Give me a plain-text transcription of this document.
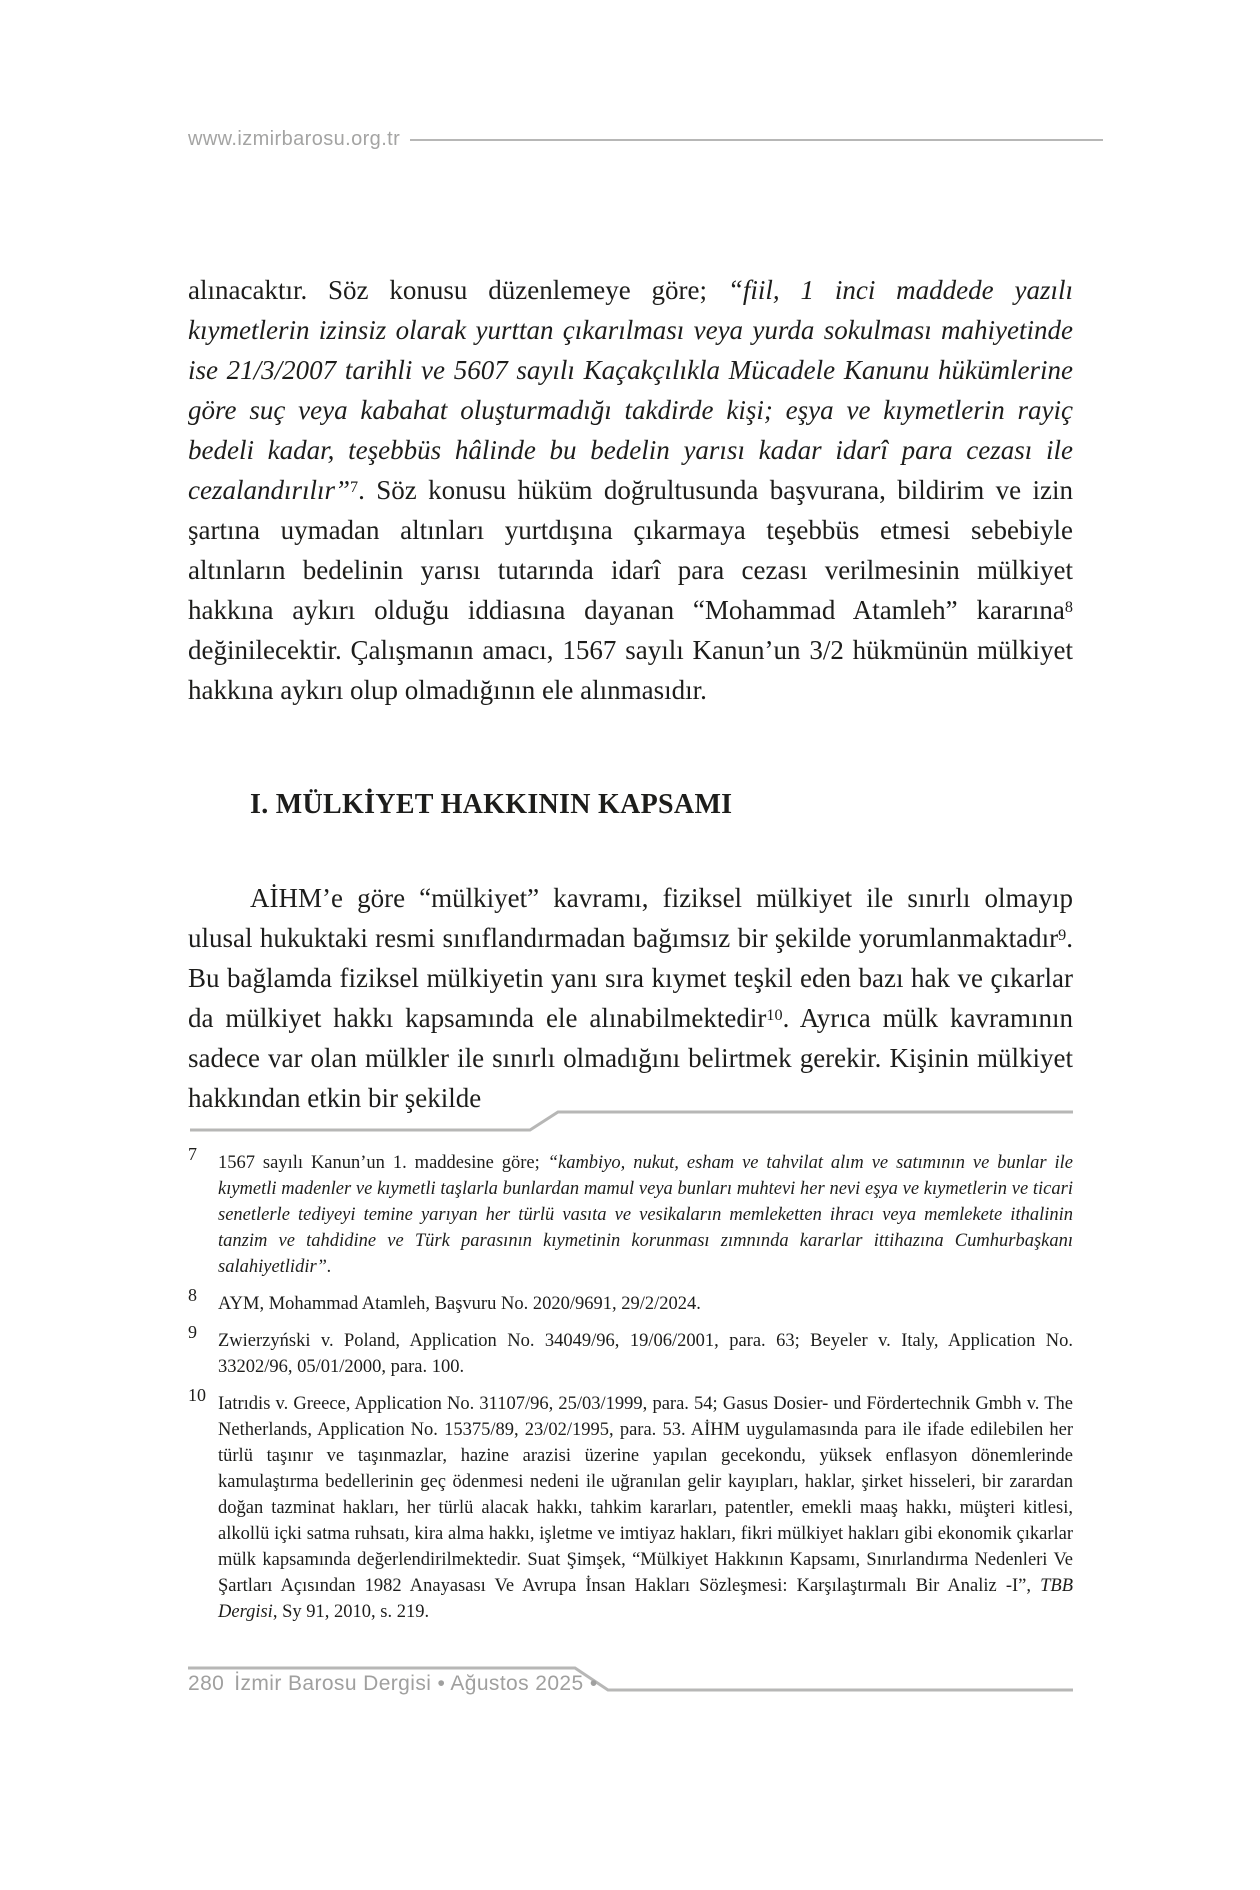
www.izmirbarosu.org.tr

alınacaktır. Söz konusu düzenlemeye göre; “fiil, 1 inci maddede yazılı kıymetlerin izinsiz olarak yurttan çıkarılması veya yurda sokulması mahiyetinde ise 21/3/2007 tarihli ve 5607 sayılı Kaçakçılıkla Mücadele Kanunu hükümlerine göre suç veya kabahat oluşturmadığı takdirde kişi; eşya ve kıymetlerin rayiç bedeli kadar, teşebbüs hâlinde bu bedelin yarısı kadar idarî para cezası ile cezalandırılır”$^7$. Söz konusu hüküm doğrultusunda başvurana, bildirim ve izin şartına uymadan altınları yurtdışına çıkarmaya teşebbüs etmesi sebebiyle altınların bedelinin yarısı tutarında idarî para cezası verilmesinin mülkiyet hakkına aykırı olduğu iddiasına dayanan “Mohammad Atamleh” kararına$^8$ değinilecektir. Çalışmanın amacı, 1567 sayılı Kanun’un 3/2 hükmünün mülkiyet hakkına aykırı olup olmadığının ele alınmasıdır.

I. MÜLKİYET HAKKININ KAPSAMI

AİHM’e göre “mülkiyet” kavramı, fiziksel mülkiyet ile sınırlı olmayıp ulusal hukuktaki resmi sınıflandırmadan bağımsız bir şekilde yorumlanmaktadır$^9$. Bu bağlamda fiziksel mülkiyetin yanı sıra kıymet teşkil eden bazı hak ve çıkarlar da mülkiyet hakkı kapsamında ele alınabilmektedir$^{10}$. Ayrıca mülk kavramının sadece var olan mülkler ile sınırlı olmadığını belirtmek gerekir. Kişinin mülkiyet hakkından etkin bir şekilde

7 1567 sayılı Kanun’un 1. maddesine göre; “kambiyo, nukut, esham ve tahvilat alım ve satımının ve bunlar ile kıymetli madenler ve kıymetli taşlarla bunlardan mamul veya bunları muhtevi her nevi eşya ve kıymetlerin ve ticari senetlerle tediyeyi temine yarıyan her türlü vasıta ve vesikaların memleketten ihracı veya memlekete ithalinin tanzim ve tahdidine ve Türk parasının kıymetinin korunması zımnında kararlar ittihazına Cumhurbaşkanı salahiyetlidir”.
8 AYM, Mohammad Atamleh, Başvuru No. 2020/9691, 29/2/2024.
9 Zwierzyński v. Poland, Application No. 34049/96, 19/06/2001, para. 63; Beyeler v. Italy, Application No. 33202/96, 05/01/2000, para. 100.
10 Iatrıdis v. Greece, Application No. 31107/96, 25/03/1999, para. 54; Gasus Dosier- und Fördertechnik Gmbh v. The Netherlands, Application No. 15375/89, 23/02/1995, para. 53. AİHM uygulamasında para ile ifade edilebilen her türlü taşınır ve taşınmazlar, hazine arazisi üzerine yapılan gecekondu, yüksek enflasyon dönemlerinde kamulaştırma bedellerinin geç ödenmesi nedeni ile uğranılan gelir kayıpları, haklar, şirket hisseleri, bir zarardan doğan tazminat hakları, her türlü alacak hakkı, tahkim kararları, patentler, emekli maaş hakkı, müşteri kitlesi, alkollü içki satma ruhsatı, kira alma hakkı, işletme ve imtiyaz hakları, fikri mülkiyet hakları gibi ekonomik çıkarlar mülk kapsamında değerlendirilmektedir. Suat Şimşek, “Mülkiyet Hakkının Kapsamı, Sınırlandırma Nedenleri Ve Şartları Açısından 1982 Anayasası Ve Avrupa İnsan Hakları Sözleşmesi: Karşılaştırmalı Bir Analiz -I”, TBB Dergisi, Sy 91, 2010, s. 219.
280 İzmir Barosu Dergisi • Ağustos 2025 •
